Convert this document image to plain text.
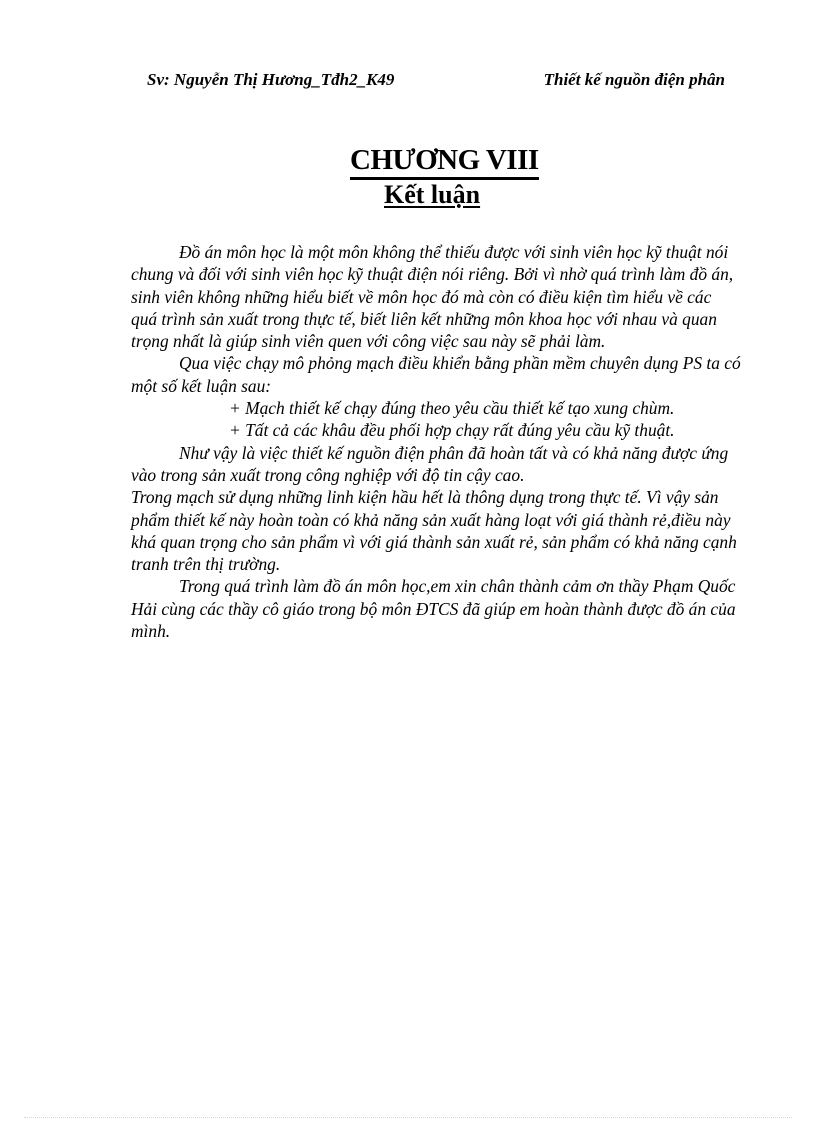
Sv: Nguyễn Thị Hương_Tđh2_K49	Thiết kế nguồn điện phân
CHƯƠNG VIII
Kết luận

Đồ án môn học là một môn không thể thiếu được với sinh viên học kỹ thuật nói chung và đối với sinh viên học kỹ thuật điện nói riêng. Bởi vì nhờ quá trình làm đồ án, sinh viên không những hiểu biết về môn học đó mà còn có điều kiện tìm hiểu về các quá trình sản xuất trong thực tế, biết liên kết những môn khoa học với nhau và quan trọng nhất là giúp sinh viên quen với công việc sau này sẽ phải làm.

Qua việc chạy mô phỏng mạch điều khiển bằng phần mềm chuyên dụng PS ta có một số kết luận sau:

+ Mạch thiết kế chạy đúng theo yêu cầu thiết kế tạo xung chùm.

+ Tất cả các khâu đều phối hợp chạy rất đúng yêu cầu kỹ thuật.

Như vậy là việc thiết kế nguồn điện phân đã hoàn tất và có khả năng được ứng vào trong sản xuất trong công nghiệp với độ tin cậy cao.

Trong mạch sử dụng những linh kiện hầu hết là thông dụng trong thực tế. Vì vậy sản phẩm thiết kế này hoàn toàn có khả năng sản xuất hàng loạt với giá thành rẻ,điều này khá quan trọng cho sản phẩm vì với giá thành sản xuất rẻ, sản phẩm có khả năng cạnh tranh trên thị trường.

Trong quá trình làm đồ án môn học,em xin chân thành cảm ơn thầy Phạm Quốc Hải cùng các thầy cô giáo trong bộ môn ĐTCS đã giúp em hoàn thành được đồ án của mình.
